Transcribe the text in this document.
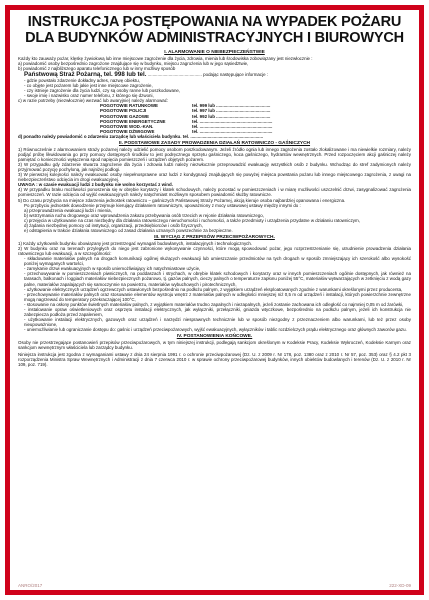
INSTRUKCJA POSTĘPOWANIA NA WYPADEK POŻARU
DLA BUDYNKÓW ADMINISTRACYJNYCH I BIUROWYCH
I. ALARMOWANIE O NIEBEZPIECZEŃSTWIE

Każdy kto zauważy pożar, klęskę żywiołową lub inne miejscowe zagrożenie dla życia, zdrowia, mienia lub środowiska zobowiązany jest niezwłocznie :

a) powiadomić osoby bezpośrednio zagrożone znajdujące się w budynku, miejscu zagrożenia lub w jego sąsiedztwie,

b) powiadomić z najbliższego aparatu telefonicznego lub w inny możliwy sposób

Państwową Straż Pożarną, tel. 998 lub tel. ............................................ podając następujące informacje :

- gdzie powstało zdarzenie dokładny adres, nazwę obiektu,

- co objęte jest pożarem lub jakie jest inne miejscowe zagrożenie,

- czy istnieje zagrożenie dla życia ludzi, czy są osoby ranne lub poszkodowane,

- swoje imię i nazwisko oraz numer telefonu, z którego się dzwoni,

c) w razie potrzeby (niezwłocznie) wezwać lub awaryjnie) należy alarmować:

POGOTOWIE RATUNKOWE	tel. 999 lub ............................................
POGOTOWIE POLICJI	tel. 997 lub ............................................
POGOTOWIE GAZOWE	tel. 992 lub ............................................
POGOTOWIE ENERGETYCZNE	tel. ...........................................................
POGOTOWIE WOD.-KAN.	tel. ...........................................................
POGOTOWIE DŹWIGOWE	tel. ...........................................................

d) ponadto należy powiadomić o zdarzeniu zarządcę lub właściciela budynku. tel. ...........................................................

II. PODSTAWOWE ZASADY PROWADZENIA DZIAŁAŃ RATOWNICZO - GAŚNICZYCH

1) Równocześnie z alarmowaniem straży pożarnej należy udzielić pomocy osobom poszkodowanym. Jeżeli źródło ognia lub innego zagrożenia zostało zlokalizowane i ma niewielkie rozmiary, należy podjąć próbę likwidowania go przy pomocy dostępnych środków to jest podręcznego sprzętu gaśniczego, koca gaśniczego, hydrantów wewnętrznych. Przed rozpoczęciem akcji gaśniczej należy pamiętać o konieczności wyłączenia spod napięcia pomieszczeń i urządzeń objętych pożarem.

2) W przypadku gdy zdarzenie stwarza zagrożenie dla życia i zdrowia ludzi należy niezwłocznie przeprowadzić ewakuację wszystkich osób z budynku. Wchodząc do stref zadymionych należy przyjmować pozycję pochyloną, jak najniżej podłogi.

3) W pierwszej kolejności należy ewakuować osoby niepełnosprawne oraz ludzi z kondygnacji znajdujących się powyżej miejsca powstania pożaru lub innego miejscowego zagrożenia, z uwagi na niebezpieczeństwo odcięcia im drogi ewakuacyjnej.

UWAGA : w czasie ewakuacji ludzi z budynku nie wolno korzystać z wind.

4) W przypadku braku możliwości ponoszenia się w obrębie korytarzy i klatek schodowych, należy pozostać w pomieszczeniach i w miarę możliwości uszczelnić drzwi, zasygnalizować zagrożenia pomieszczeń. W razie odcięcia od wyjść ewakuacyjnych należy natychmiast możliwym sposobem powiadomić służby ratownicze.

5) Do czasu przybycia na miejsce zdarzenia jednostek ratowniczo – gaśniczych Państwowej Straży Pożarnej, akcją kieruje osoba najbardziej opanowana i energiczna.

Po przybyciu jednostek dowodzenie przejmuje kierujący działaniem ratowniczym, upoważniony z mocy ustawowej ustawy między innymi do :

a) przeprowadzenia ewakuacji ludzi i mienia,

b) wstrzymania ruchu drogowego oraz wprowadzenia zakazu przebywania osób trzecich w rejonie działania ratowniczego,

c) przejęcia w użytkowanie na czas niezbędny dla działania ratowniczego nieruchomości i ruchomości, a także przedmioty i urządzenia przydatne w działaniu ratowniczym,

d) żądania niezbędnej pomocy od instytucji, organizacji, przedsiębiorców i osób fizycznych,

e) odstąpienia w trakcie działania ratowniczego od zasad działania uznanych powszechnie za bezpieczne.

III. WYCIĄG Z PRZEPISÓW PRZECIWPOŻAROWYCH.

1) Każdy użytkownik budynku obowiązany jest przestrzegać wymagań budowlanych, instalacyjnych i technologicznych.

2) W budynku oraz na terenach przyległych do niego jest zabronione wykonywanie czynności, które mogą spowodować pożar, jego rozprzestrzenianie się, utrudnienie prowadzenia działania ratowniczego lub ewakuacji, a w szczególności:

- składowanie materiałów palnych na drogach komunikacji ogólnej służących ewakuacji lub umieszczanie przedmiotów na tych drogach w sposób zmniejszający ich szerokość albo wysokość poniżej wymaganych wartości,

- zamykanie drzwi ewakuacyjnych w sposób uniemożliwiający ich natychmiastowe użycie,

- przechowywanie w pomieszczeniach piwnicznych, na poddaszach i strychach, w obrębie klatek schodowych i korytarzy oraz w innych pomieszczeniach ogólnie dostępnych, jak również na tarasach, balkonach i loggiach materiałów niebezpiecznych pożarowo, tj. gazów palnych, cieczy palnych o temperaturze zapłonu poniżej 55°C, materiałów wytwarzających w zetknięciu z wodą gazy palne, materiałów zapalających się samoczynnie na powietrzu, materiałów wybuchowych i pirotechnicznych,

- użytkowanie elektrycznych urządzeń ogrzewczych ustawionych bezpośrednio na podłożu palnym, z wyjątkiem urządzeń eksploatowanych zgodnie z warunkami określonymi przez producenta,

- przechowywanie materiałów palnych oraz stosowanie elementów wystroju wnętrz z materiałów palnych w odległości mniejszej niż 0,5 m od urządzeń i instalacji, których powierzchnie zewnętrzne mogą nagrzewać do temperatury przekraczającej 100°C,

- stosowanie na osłony punktów świetlnych materiałów palnych, z wyjątkiem materiałów trudno zapalnych i niezapalnych, jeżeli zostanie zachowana ich odległość co najmniej 0,05 m od żarówki,

- instalowanie opraw oświetleniowych oraz osprzętu instalacji elektrycznych, jak wyłączniki, przełączniki, gniazda wtyczkowe, bezpośrednio na podłożu palnym, jeżeli ich konstrukcja nie zabezpiecza podłoża przed zapaleniem,

- użytkowanie instalacji elektrycznych, gazowych oraz urządzeń i narzędzi niesprawnych technicznie lub w sposób niezgodny z przeznaczeniem albo warunkami, lub też przez osoby nieupoważnione,

- uniemożliwianie lub ograniczanie dostępu do: gaśnic i urządzeń przeciwpożarowych, wyjść ewakuacyjnych, wyłączników i tablic rozdzielczych prądu elektrycznego oraz głównych zaworów gazu.

IV. POSTANOWIENIA KOŃCOWE.

Osoby nie przestrzegające postanowień przepisów przeciwpożarowych, w tym niniejszej instrukcji, podlegają sankcjom określonym w Kodeksie Pracy, Kodeksie Wykroczeń, Kodeksie Karnym oraz sankcjom wewnętrznym właściciela lub zarządcy budynku.

Niniejsza instrukcja jest zgodna z wymaganiami ustawy z dnia 24 sierpnia 1991 r. o ochronie przeciwpożarowej (Dz. U. z 2009 r. Nr 178, poz. 1380 oraz z 2010 r. Nr 57, poz. 353) oraz § 4.2 pkt 3 rozporządzenia Ministra Spraw Wewnętrznych i Administracji z dnia 7 czerwca 2010 r. w sprawie ochrony przeciwpożarowej budynków, innych obiektów budowlanych i terenów (Dz. U. z 2010 r. Nr 109, poz. 719).

ANRO/2017	222-XD-09
